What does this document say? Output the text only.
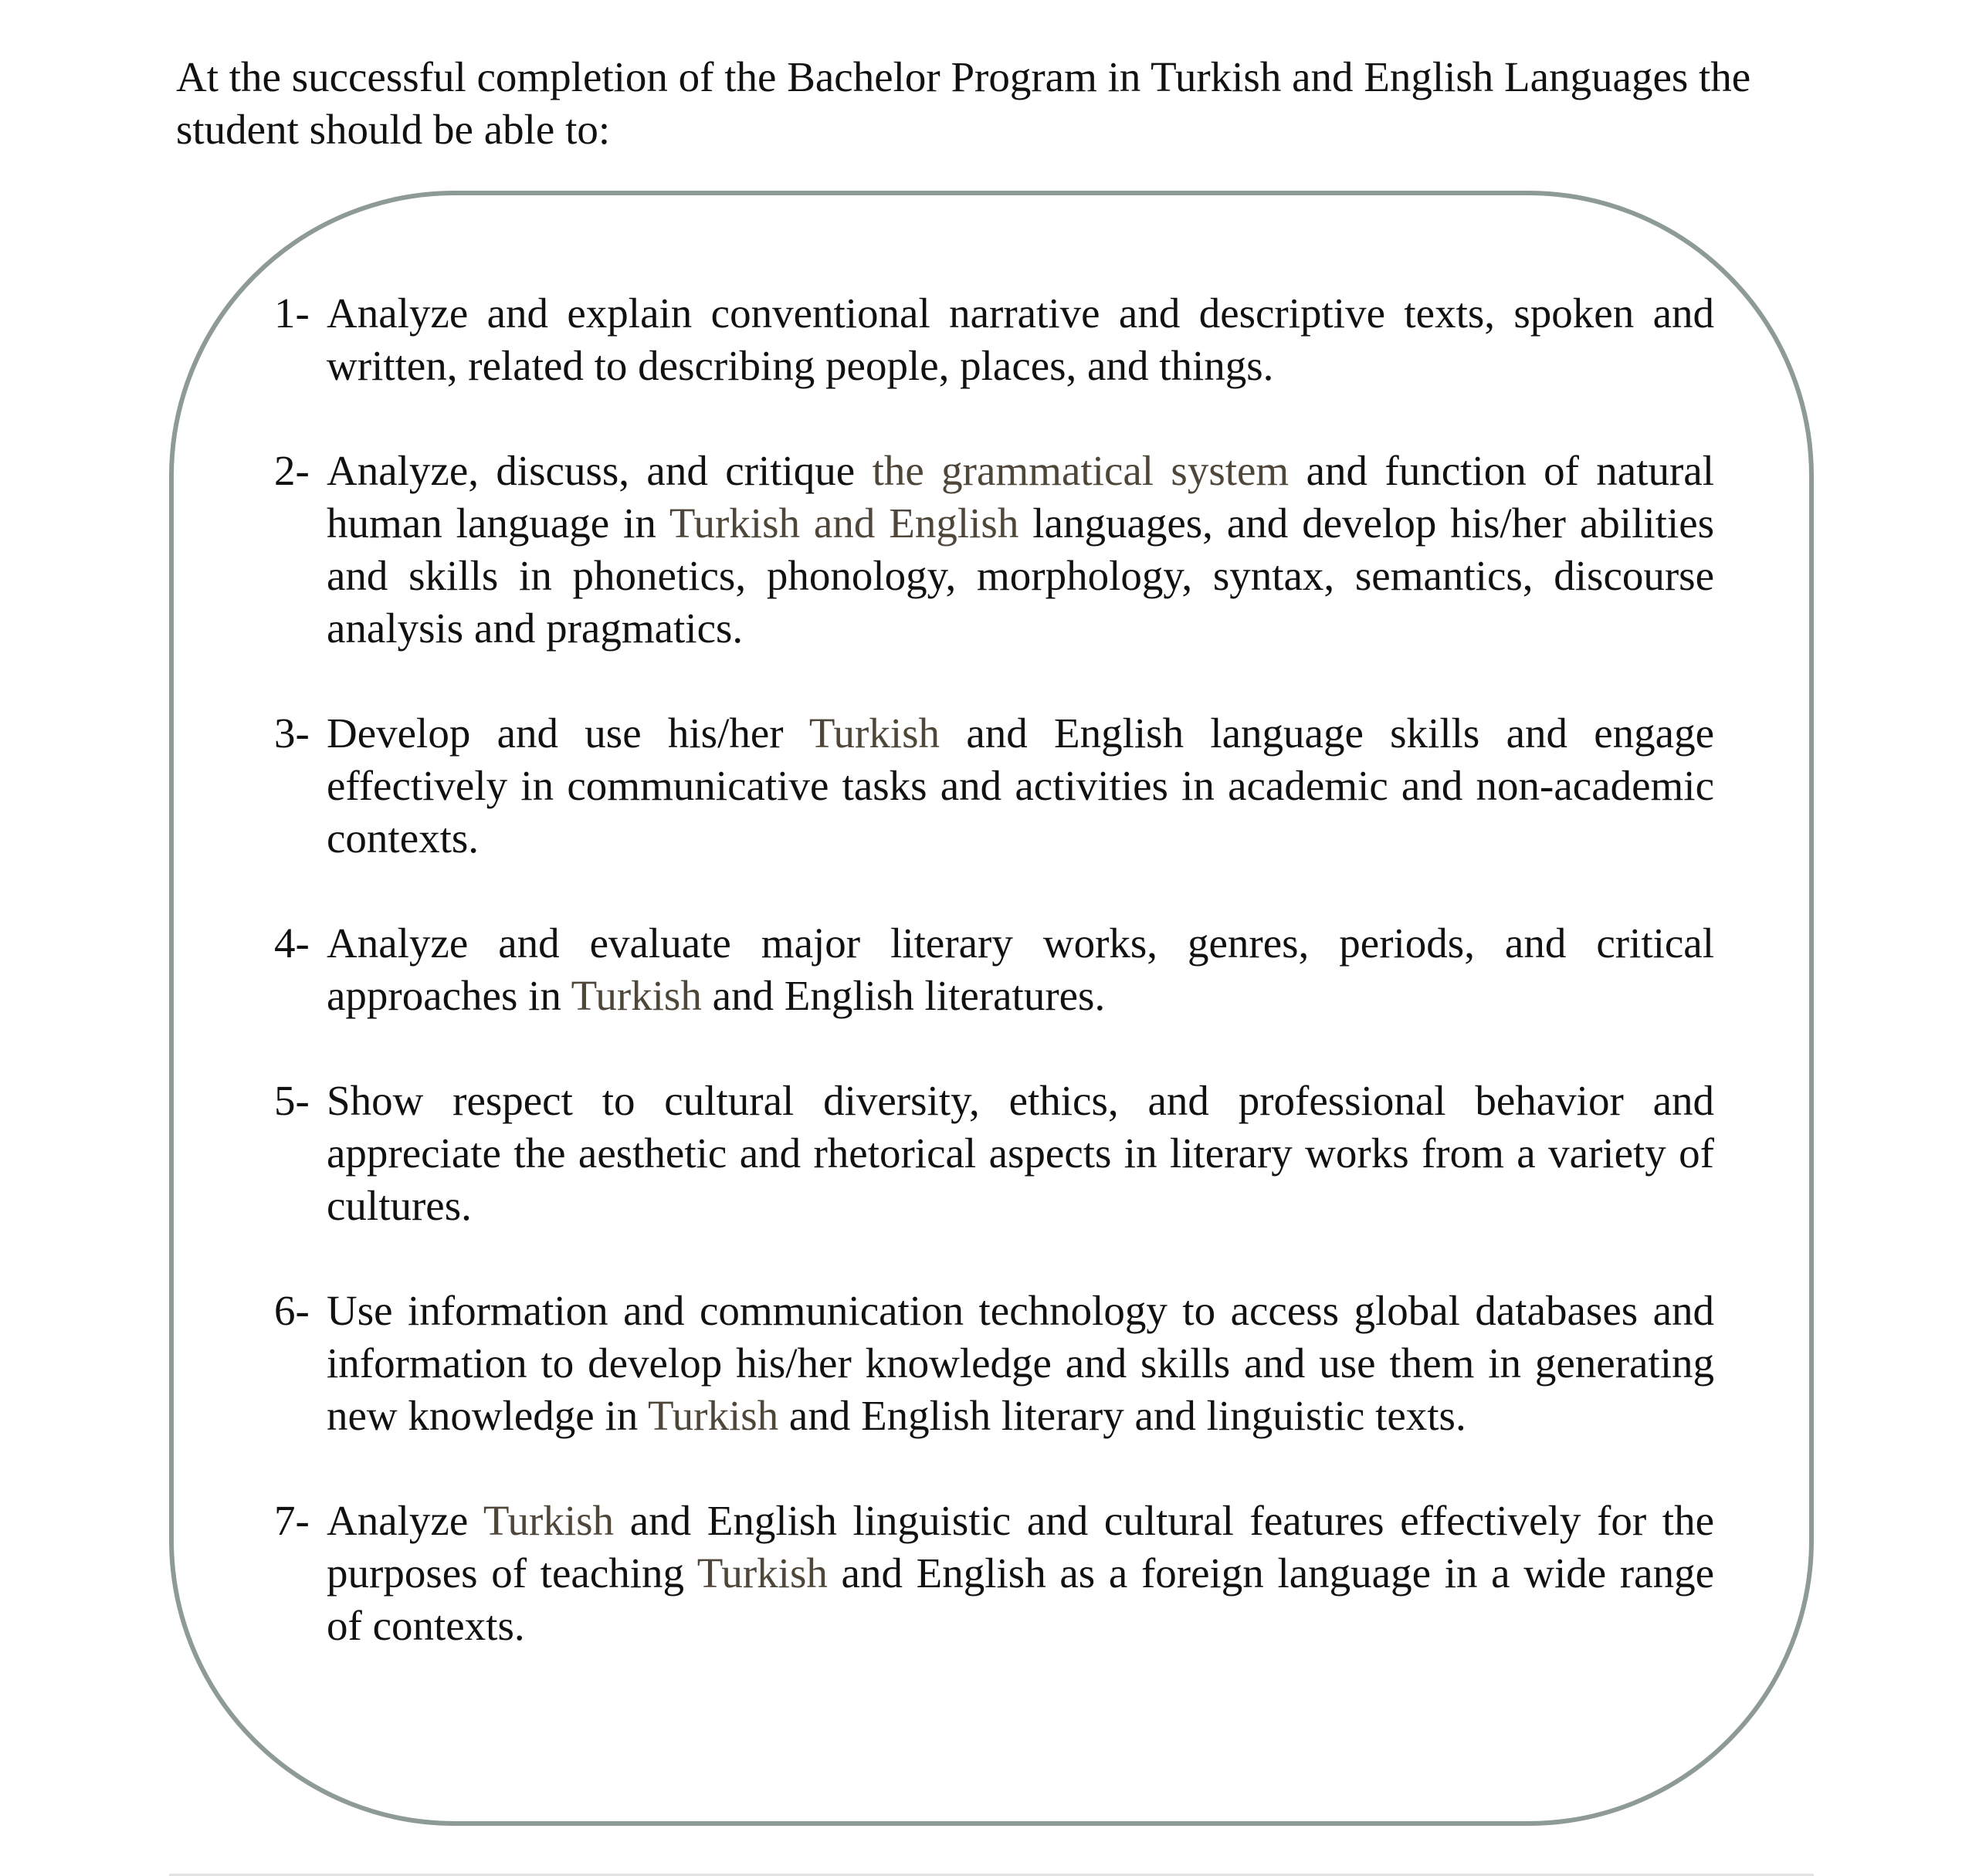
At the successful completion of the Bachelor Program in Turkish and English Languages the student should be able to:

1- Analyze and explain conventional narrative and descriptive texts, spoken and written, related to describing people, places, and things.
2- Analyze, discuss, and critique the grammatical system and function of natural human language in Turkish and English languages, and develop his/her abilities and skills in phonetics, phonology, morphology, syntax, semantics, discourse analysis and pragmatics.
3- Develop and use his/her Turkish and English language skills and engage effectively in communicative tasks and activities in academic and non-academic contexts.
4- Analyze and evaluate major literary works, genres, periods, and critical approaches in Turkish and English literatures.
5- Show respect to cultural diversity, ethics, and professional behavior and appreciate the aesthetic and rhetorical aspects in literary works from a variety of cultures.
6- Use information and communication technology to access global databases and information to develop his/her knowledge and skills and use them in generating new knowledge in Turkish and English literary and linguistic texts.
7- Analyze Turkish and English linguistic and cultural features effectively for the purposes of teaching Turkish and English as a foreign language in a wide range of contexts.
